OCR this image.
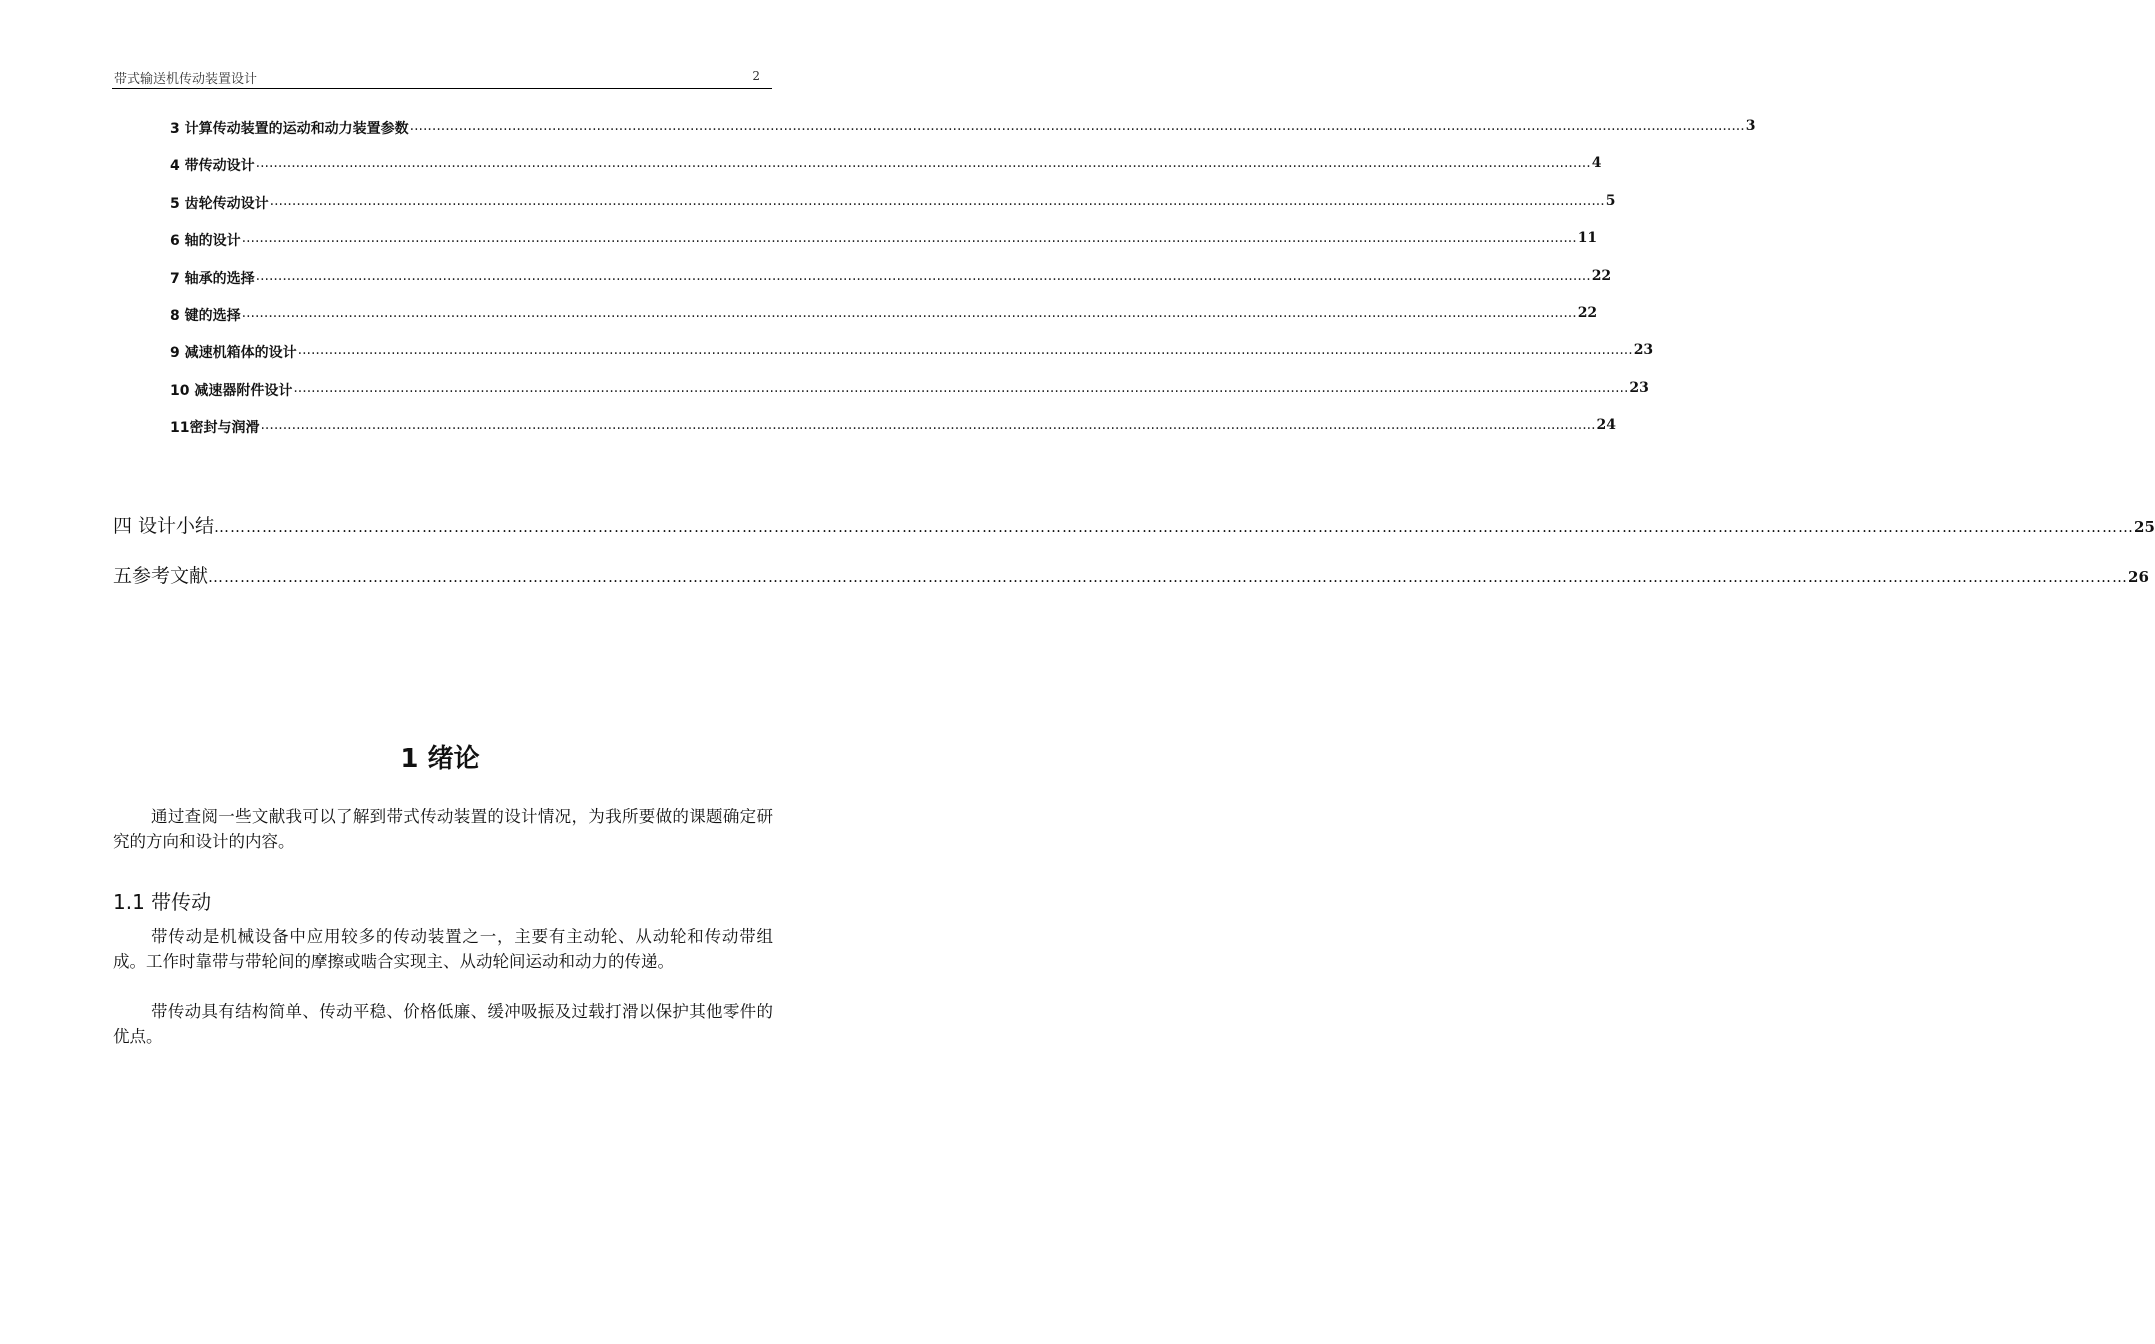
带式输送机传动装置设计	2
3 计算传动装置的运动和动力装置参数 ............................................................................................................................................................................................................................................................................................................ 3
4 带传动设计 ............................................................................................................................................................................................................................................................................................................ 4
5 齿轮传动设计 ............................................................................................................................................................................................................................................................................................................ 5
6 轴的设计 ............................................................................................................................................................................................................................................................................................................ 11
7 轴承的选择 ............................................................................................................................................................................................................................................................................................................ 22
8 键的选择 ............................................................................................................................................................................................................................................................................................................ 22
9 减速机箱体的设计 ............................................................................................................................................................................................................................................................................................................ 23
10 减速器附件设计 ............................................................................................................................................................................................................................................................................................................ 23
11密封与润滑 ............................................................................................................................................................................................................................................................................................................ 24
四 设计小结 ……………………………………………………………………………………………………………………………………………………………………………………………………………………………………………………………………………………………………………………………… 25
五参考文献 ……………………………………………………………………………………………………………………………………………………………………………………………………………………………………………………………………………………………………………………………… 26
1 绪论
通过查阅一些文献我可以了解到带式传动装置的设计情况，为我所要做的课题确定研究的方向和设计的内容。
1.1 带传动
带传动是机械设备中应用较多的传动装置之一，主要有主动轮、从动轮和传动带组成。工作时靠带与带轮间的摩擦或啮合实现主、从动轮间运动和动力的传递。
带传动具有结构简单、传动平稳、价格低廉、缓冲吸振及过载打滑以保护其他零件的优点。
